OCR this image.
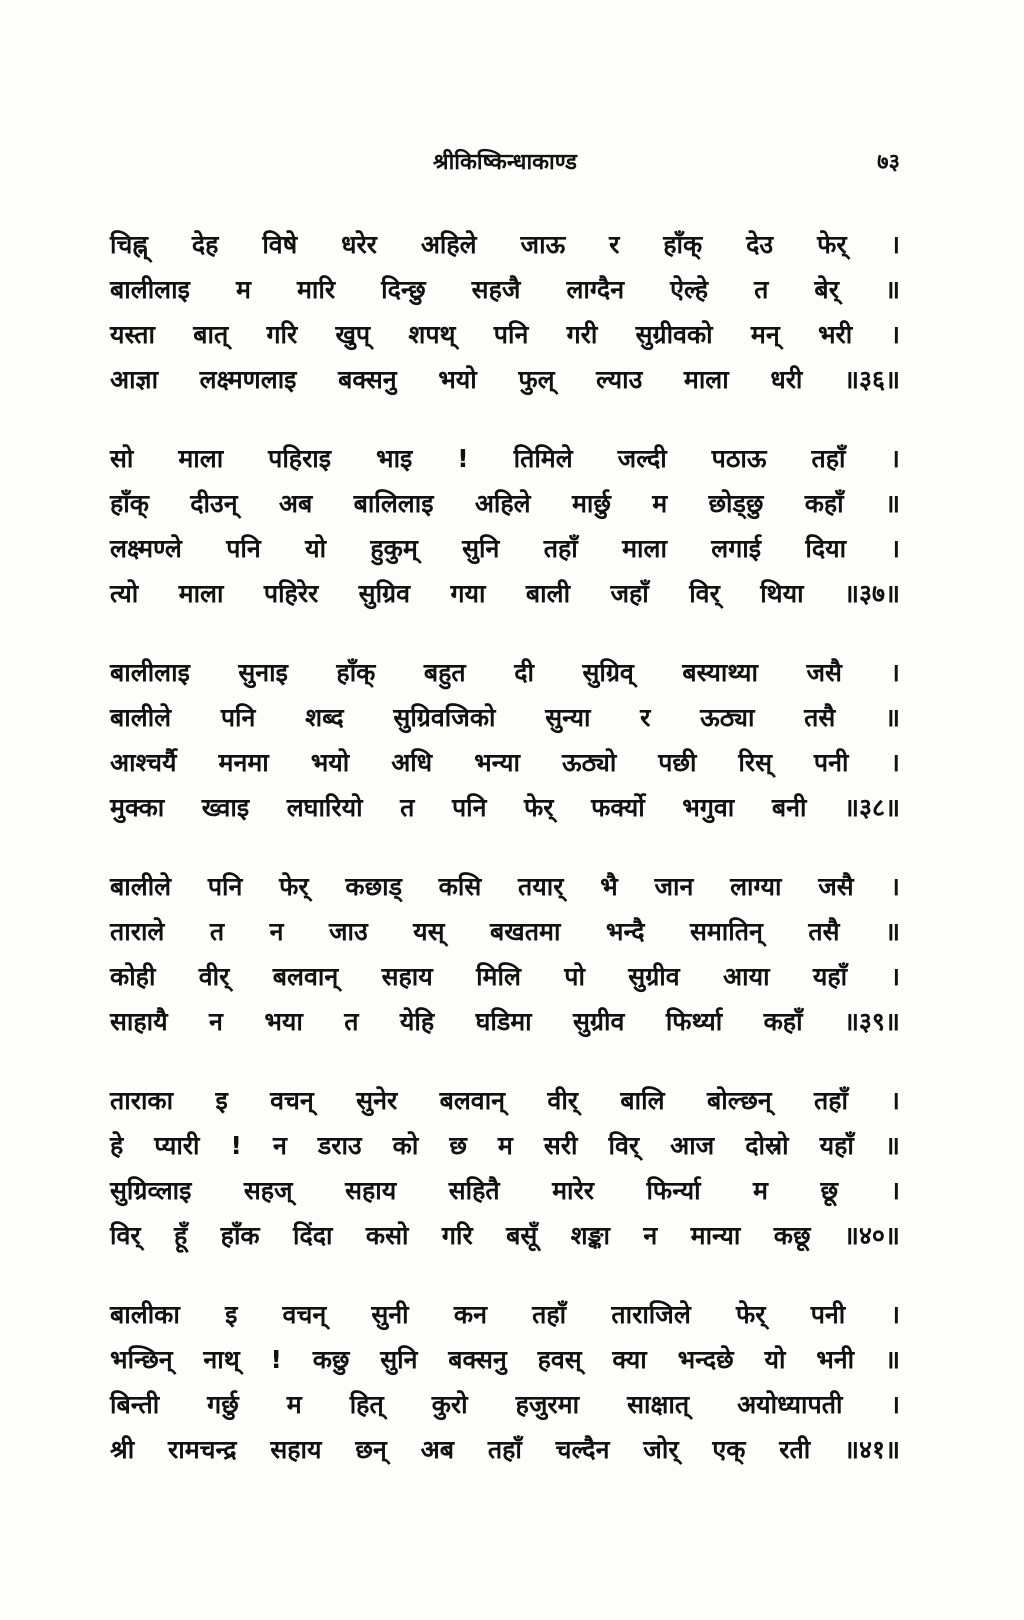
श्रीकिष्किन्धाकाण्ड	७३
चिह्न् देह विषे धरेर अहिले जाऊ र हाँक् देउ फेर् ।
बालीलाइ म मारि दिन्छु सहजै लाग्दैन ऐल्हे त बेर् ॥
यस्ता बात् गरि खुप् शपथ् पनि गरी सुग्रीवको मन् भरी ।
आज्ञा लक्ष्मणलाइ बक्सनु भयो फुल् ल्याउ माला धरी ॥३६॥
सो माला पहिराइ भाइ ! तिमिले जल्दी पठाऊ तहाँ ।
हाँक् दीउन् अब बालिलाइ अहिले मार्छु म छोड्छु कहाँ ॥
लक्ष्मण्ले पनि यो हुकुम् सुनि तहाँ माला लगाई दिया ।
त्यो माला पहिरेर सुग्रिव गया बाली जहाँ विर् थिया ॥३७॥
बालीलाइ सुनाइ हाँक् बहुत दी सुग्रिव् बस्याथ्या जसै ।
बालीले पनि शब्द सुग्रिवजिको सुन्या र ऊठ्या तसै ॥
आश्चर्यै मनमा भयो अधि भन्या ऊठ्यो पछी रिस् पनी ।
मुक्का ख्वाइ लघारियो त पनि फेर् फर्क्यो भगुवा बनी ॥३८॥
बालीले पनि फेर् कछाड् कसि तयार् भै जान लाग्या जसै ।
ताराले त न जाउ यस् बखतमा भन्दै समातिन् तसै ॥
कोही वीर् बलवान् सहाय मिलि पो सुग्रीव आया यहाँ ।
साहायै न भया त येहि घडिमा सुग्रीव फिर्थ्या कहाँ ॥३९॥
ताराका इ वचन् सुनेर बलवान् वीर् बालि बोल्छन् तहाँ ।
हे प्यारी ! न डराउ को छ म सरी विर् आज दोस्रो यहाँ ॥
सुग्रिव्लाइ सहज् सहाय सहितै मारेर फिर्न्या म छू ।
विर् हूँ हाँक दिंदा कसो गरि बसूँ शङ्का न मान्या कछू ॥४०॥
बालीका इ वचन् सुनी कन तहाँ ताराजिले फेर् पनी ।
भन्छिन् नाथ् ! कछु सुनि बक्सनु हवस् क्या भन्दछे यो भनी ॥
बिन्ती गर्छु म हित् कुरो हजुरमा साक्षात् अयोध्यापती ।
श्री रामचन्द्र सहाय छन् अब तहाँ चल्दैन जोर् एक् रती ॥४१॥
